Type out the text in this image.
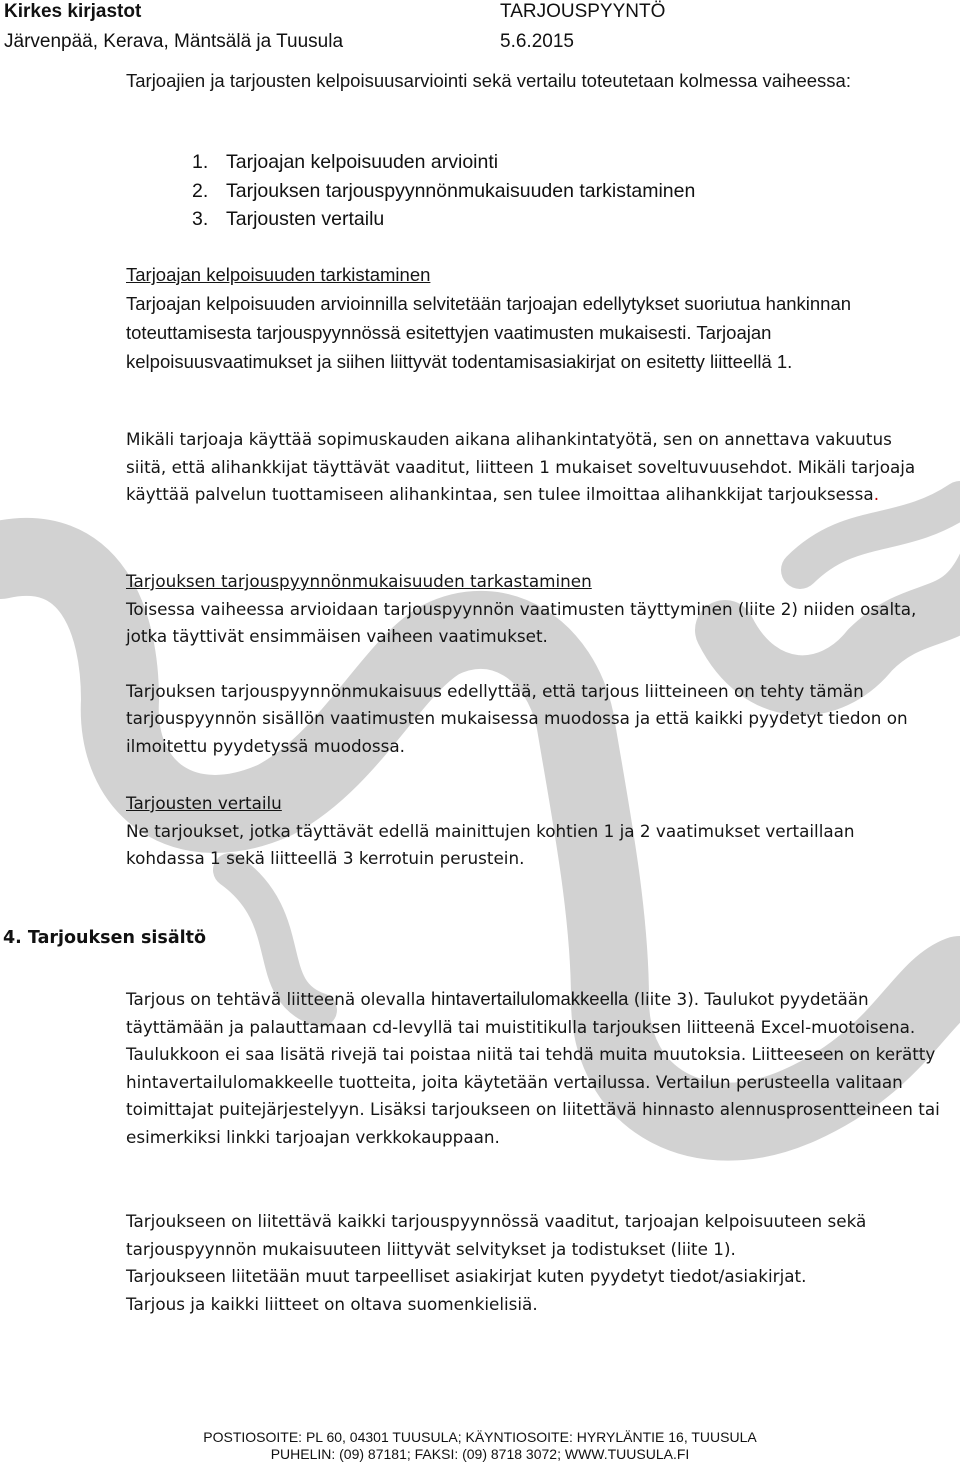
Kirkes kirjastot
Järvenpää, Kerava, Mäntsälä ja Tuusula
TARJOUSPYYNTÖ
5.6.2015

Tarjoajien ja tarjousten kelpoisuusarviointi sekä vertailu toteutetaan kolmessa vaiheessa:

1. Tarjoajan kelpoisuuden arviointi
2. Tarjouksen tarjouspyynnönmukaisuuden tarkistaminen
3. Tarjousten vertailu

Tarjoajan kelpoisuuden tarkistaminen

Tarjoajan kelpoisuuden arvioinnilla selvitetään tarjoajan edellytykset suoriutua hankinnan toteuttamisesta tarjouspyynnössä esitettyjen vaatimusten mukaisesti. Tarjoajan kelpoisuusvaatimukset ja siihen liittyvät todentamisasiakirjat on esitetty liitteellä 1.

Mikäli tarjoaja käyttää sopimuskauden aikana alihankintatyötä, sen on annettava vakuutus siitä, että alihankkijat täyttävät vaaditut, liitteen 1 mukaiset soveltuvuusehdot. Mikäli tarjoaja käyttää palvelun tuottamiseen alihankintaa, sen tulee ilmoittaa alihankkijat tarjouksessa.

Tarjouksen tarjouspyynnönmukaisuuden tarkastaminen

Toisessa vaiheessa arvioidaan tarjouspyynnön vaatimusten täyttyminen (liite 2) niiden osalta, jotka täyttivät ensimmäisen vaiheen vaatimukset.

Tarjouksen tarjouspyynnönmukaisuus edellyttää, että tarjous liitteineen on tehty tämän tarjouspyynnön sisällön vaatimusten mukaisessa muodossa ja että kaikki pyydetyt tiedon on ilmoitettu pyydetyssä muodossa.

Tarjousten vertailu

Ne tarjoukset, jotka täyttävät edellä mainittujen kohtien 1 ja 2 vaatimukset vertaillaan kohdassa 1 sekä liitteellä 3 kerrotuin perustein.

4. Tarjouksen sisältö

Tarjous on tehtävä liitteenä olevalla hintavertailulomakkeella (liite 3). Taulukot pyydetään täyttämään ja palauttamaan cd-levyllä tai muistitikulla tarjouksen liitteenä Excel-muotoisena. Taulukkoon ei saa lisätä rivejä tai poistaa niitä tai tehdä muita muutoksia. Liitteeseen on kerätty hintavertailulomakkeelle tuotteita, joita käytetään vertailussa. Vertailun perusteella valitaan toimittajat puitejärjestelyyn. Lisäksi tarjoukseen on liitettävä hinnasto alennusprosentteineen tai esimerkiksi linkki tarjoajan verkkokauppaan.

Tarjoukseen on liitettävä kaikki tarjouspyynnössä vaaditut, tarjoajan kelpoisuuteen sekä tarjouspyynnön mukaisuuteen liittyvät selvitykset ja todistukset (liite 1).

Tarjoukseen liitetään muut tarpeelliset asiakirjat kuten pyydetyt tiedot/asiakirjat.

Tarjous ja kaikki liitteet on oltava suomenkielisiä.

POSTIOSOITE: PL 60, 04301 TUUSULA; KÄYNTIOSOITE: HYRYLÄNTIE 16, TUUSULA
PUHELIN: (09) 87181; FAKSI: (09) 8718 3072; WWW.TUUSULA.FI
